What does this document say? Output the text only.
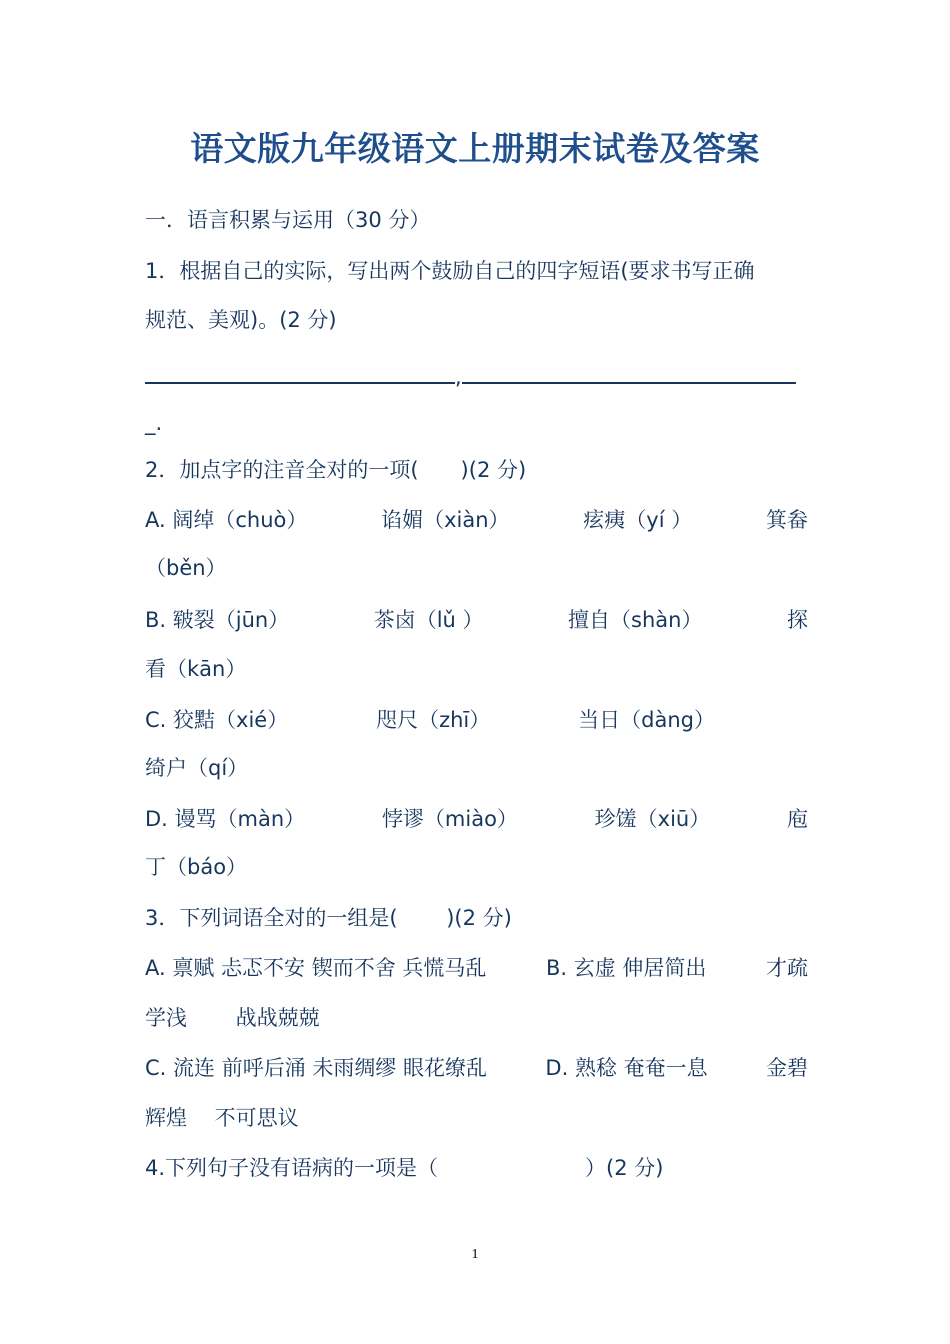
语文版九年级语文上册期末试卷及答案
一．语言积累与运用（30 分）
1．根据自己的实际，写出两个鼓励自己的四字短语(要求书写正确
规范、美观)。(2 分)
,
_.
2．加点字的注音全对的一项(　　)(2 分)
A. 阔绰（chuò）	谄媚（xiàn）	痃痍（yí ）	箕畚
（běn）
B. 皲裂（jūn）	茶卤（lǔ ）	擅自（shàn）	探
看（kān）
C. 狡黠（xié）	咫尺（zhī）	当日（dàng）
绮户（qí）
D. 谩骂（màn）	悖谬（miào）	珍馐（xiū）	庖
丁（báo）
3．下列词语全对的一组是(　　 )(2 分)
A. 禀赋 忐忑不安 锲而不舍 兵慌马乱	B. 玄虚 伸居简出	才疏
学浅　　 战战兢兢
C. 流连 前呼后涌 未雨绸缪 眼花缭乱	D. 熟稔 奄奄一息	金碧
辉煌　 不可思议
4.下列句子没有语病的一项是（　　　　　　　）(2 分)
1
